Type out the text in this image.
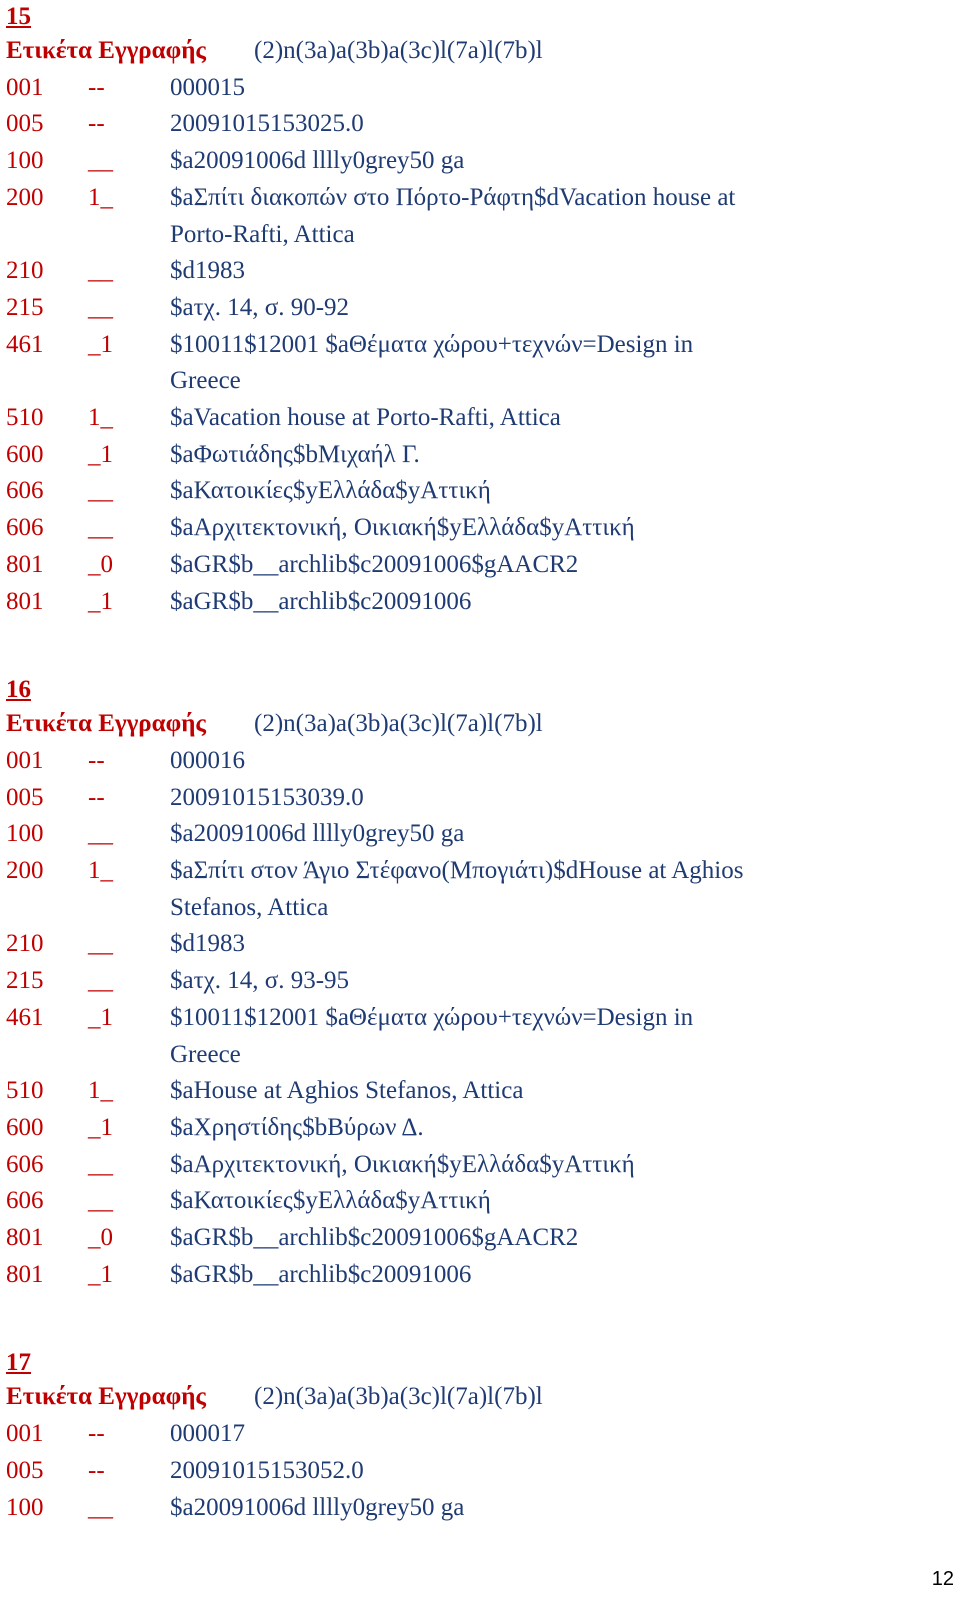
15
Ετικέτα Εγγραφής (2)n(3a)a(3b)a(3c)l(7a)l(7b)l
001	--	000015
005	--	20091015153025.0
100	__	$a20091006d lllly0grey50 ga
200	1_	$aΣπίτι διακοπών στο Πόρτο-Ράφτη$dVacation house at Porto-Rafti, Attica
210	__	$d1983
215	__	$aτχ. 14, σ. 90-92
461	_1	$10011$12001 $aΘέματα χώρου+τεχνών=Design in Greece
510	1_	$aVacation house at Porto-Rafti, Attica
600	_1	$aΦωτιάδης$bΜιχαήλ Γ.
606	__	$aΚατοικίες$yΕλλάδα$yΑττική
606	__	$aΑρχιτεκτονική, Οικιακή$yΕλλάδα$yΑττική
801	_0	$aGR$b__archlib$c20091006$gAACR2
801	_1	$aGR$b__archlib$c20091006
16
Ετικέτα Εγγραφής (2)n(3a)a(3b)a(3c)l(7a)l(7b)l
001	--	000016
005	--	20091015153039.0
100	__	$a20091006d lllly0grey50 ga
200	1_	$aΣπίτι στον Άγιο Στέφανο(Μπογιάτι)$dHouse at Aghios Stefanos, Attica
210	__	$d1983
215	__	$aτχ. 14, σ. 93-95
461	_1	$10011$12001 $aΘέματα χώρου+τεχνών=Design in Greece
510	1_	$aHouse at Aghios Stefanos, Attica
600	_1	$aΧρηστίδης$bΒύρων Δ.
606	__	$aΑρχιτεκτονική, Οικιακή$yΕλλάδα$yΑττική
606	__	$aΚατοικίες$yΕλλάδα$yΑττική
801	_0	$aGR$b__archlib$c20091006$gAACR2
801	_1	$aGR$b__archlib$c20091006
17
Ετικέτα Εγγραφής (2)n(3a)a(3b)a(3c)l(7a)l(7b)l
001	--	000017
005	--	20091015153052.0
100	__	$a20091006d lllly0grey50 ga
12
